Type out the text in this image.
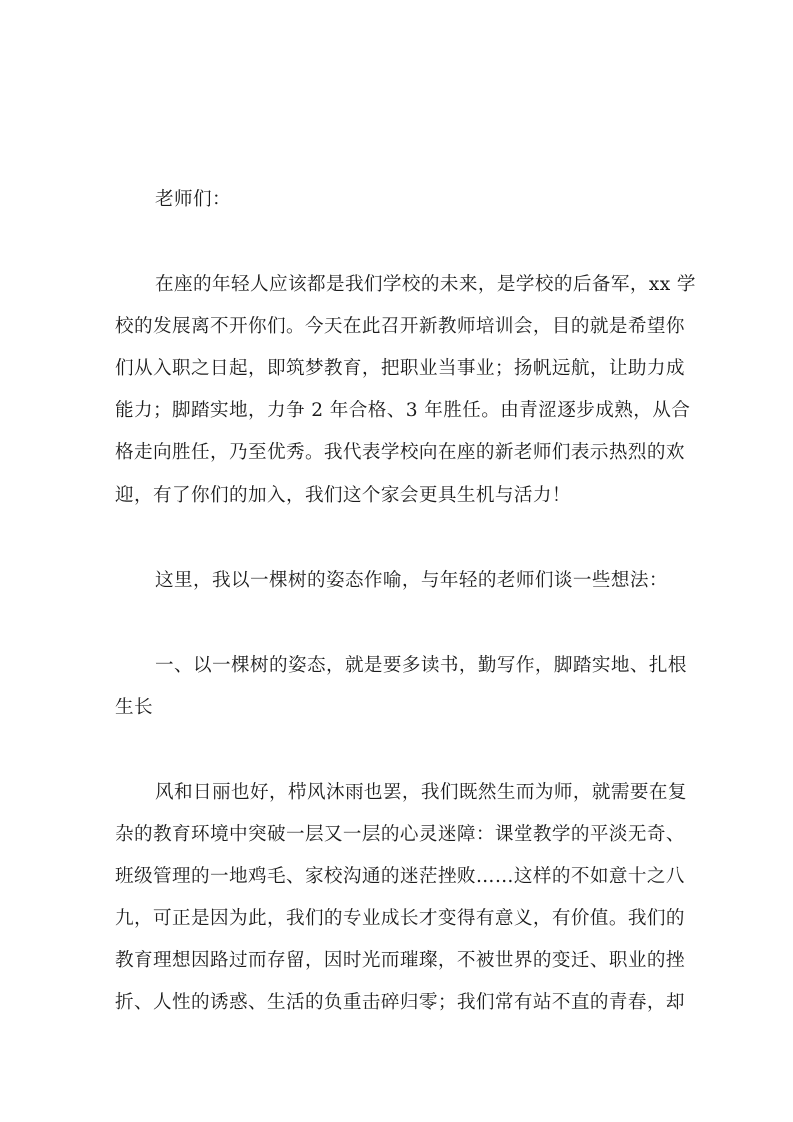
老师们：
在座的年轻人应该都是我们学校的未来，是学校的后备军，xx 学
校的发展离不开你们。今天在此召开新教师培训会，目的就是希望你
们从入职之日起，即筑梦教育，把职业当事业；扬帆远航，让助力成
能力；脚踏实地，力争 2 年合格、3 年胜任。由青涩逐步成熟，从合
格走向胜任，乃至优秀。我代表学校向在座的新老师们表示热烈的欢
迎，有了你们的加入，我们这个家会更具生机与活力！
这里，我以一棵树的姿态作喻，与年轻的老师们谈一些想法：
一、以一棵树的姿态，就是要多读书，勤写作，脚踏实地、扎根
生长
风和日丽也好，栉风沐雨也罢，我们既然生而为师，就需要在复
杂的教育环境中突破一层又一层的心灵迷障：课堂教学的平淡无奇、
班级管理的一地鸡毛、家校沟通的迷茫挫败……这样的不如意十之八
九，可正是因为此，我们的专业成长才变得有意义，有价值。我们的
教育理想因路过而存留，因时光而璀璨，不被世界的变迁、职业的挫
折、人性的诱惑、生活的负重击碎归零；我们常有站不直的青春，却
